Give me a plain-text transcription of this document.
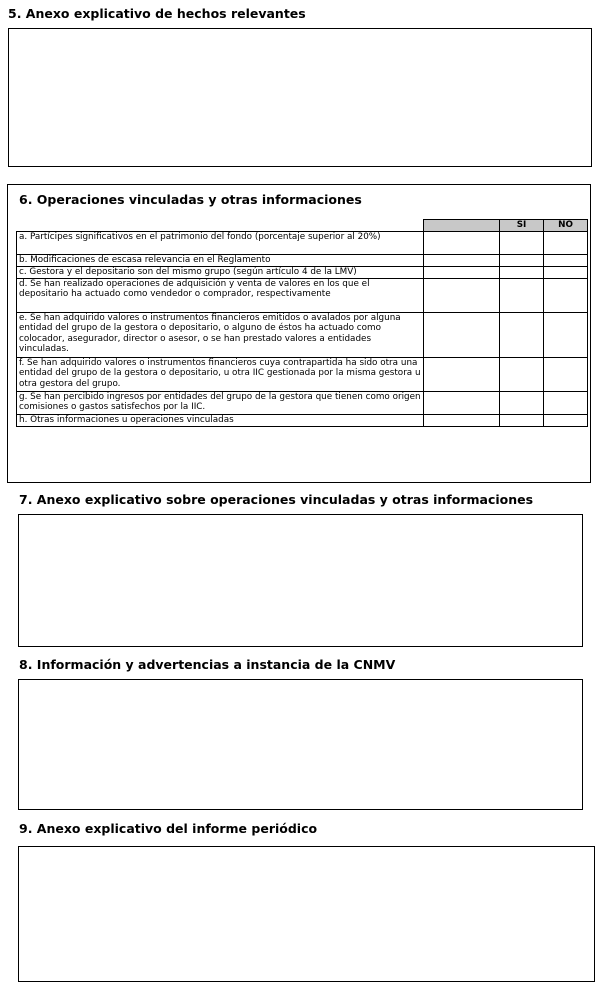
5. Anexo explicativo de hechos relevantes
6. Operaciones vinculadas y otras informaciones
		SI	NO
a. Partícipes significativos en el patrimonio del fondo (porcentaje superior al 20%)			
b. Modificaciones de escasa relevancia en el Reglamento			
c. Gestora y el depositario son del mismo grupo (según artículo 4 de la LMV)			
d. Se han realizado operaciones de adquisición y venta de valores en los que el depositario ha actuado como vendedor o comprador, respectivamente			
e. Se han adquirido valores o instrumentos financieros emitidos o avalados por alguna entidad del grupo de la gestora o depositario, o alguno de éstos ha actuado como colocador, asegurador, director o asesor, o se han prestado valores a entidades vinculadas.			
f. Se han adquirido valores o instrumentos financieros cuya contrapartida ha sido otra una entidad del grupo de la gestora o depositario, u otra IIC gestionada por la misma gestora u otra gestora del grupo.			
g. Se han percibido ingresos por entidades del grupo de la gestora que tienen como origen comisiones o gastos satisfechos por la IIC.			
h. Otras informaciones u operaciones vinculadas			
7. Anexo explicativo sobre operaciones vinculadas y otras informaciones
8. Información y advertencias a instancia de la CNMV
9. Anexo explicativo del informe periódico
